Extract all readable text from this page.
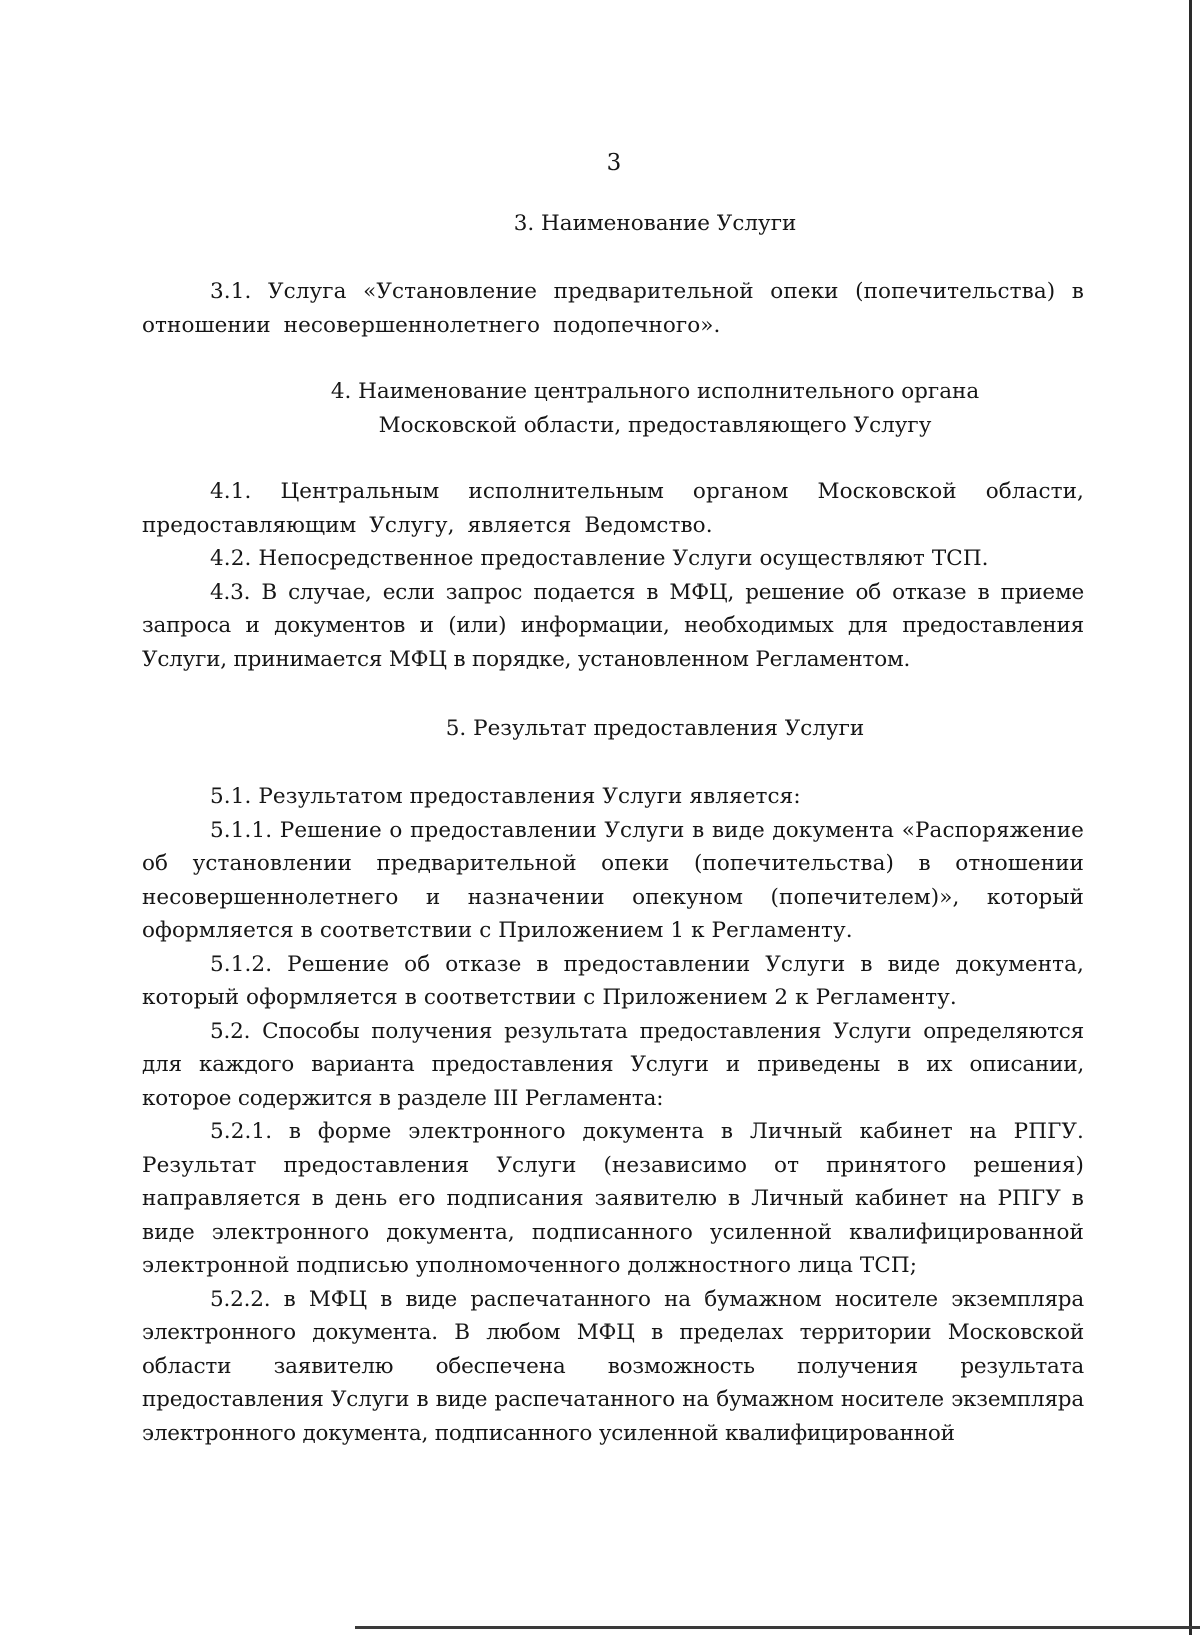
3

3. Наименование Услуги

3.1. Услуга «Установление предварительной опеки (попечительства) в отношении несовершеннолетнего подопечного».

4. Наименование центрального исполнительного органа
Московской области, предоставляющего Услугу

4.1. Центральным исполнительным органом Московской области, предоставляющим Услугу, является Ведомство.

4.2. Непосредственное предоставление Услуги осуществляют ТСП.

4.3. В случае, если запрос подается в МФЦ, решение об отказе в приеме запроса и документов и (или) информации, необходимых для предоставления Услуги, принимается МФЦ в порядке, установленном Регламентом.

5. Результат предоставления Услуги

5.1. Результатом предоставления Услуги является:

5.1.1. Решение о предоставлении Услуги в виде документа «Распоряжение об установлении предварительной опеки (попечительства) в отношении несовершеннолетнего и назначении опекуном (попечителем)», который оформляется в соответствии с Приложением 1 к Регламенту.

5.1.2. Решение об отказе в предоставлении Услуги в виде документа, который оформляется в соответствии с Приложением 2 к Регламенту.

5.2. Способы получения результата предоставления Услуги определяются для каждого варианта предоставления Услуги и приведены в их описании, которое содержится в разделе III Регламента:

5.2.1. в форме электронного документа в Личный кабинет на РПГУ. Результат предоставления Услуги (независимо от принятого решения) направляется в день его подписания заявителю в Личный кабинет на РПГУ в виде электронного документа, подписанного усиленной квалифицированной электронной подписью уполномоченного должностного лица ТСП;

5.2.2. в МФЦ в виде распечатанного на бумажном носителе экземпляра электронного документа. В любом МФЦ в пределах территории Московской области заявителю обеспечена возможность получения результата предоставления Услуги в виде распечатанного на бумажном носителе экземпляра электронного документа, подписанного усиленной квалифицированной
